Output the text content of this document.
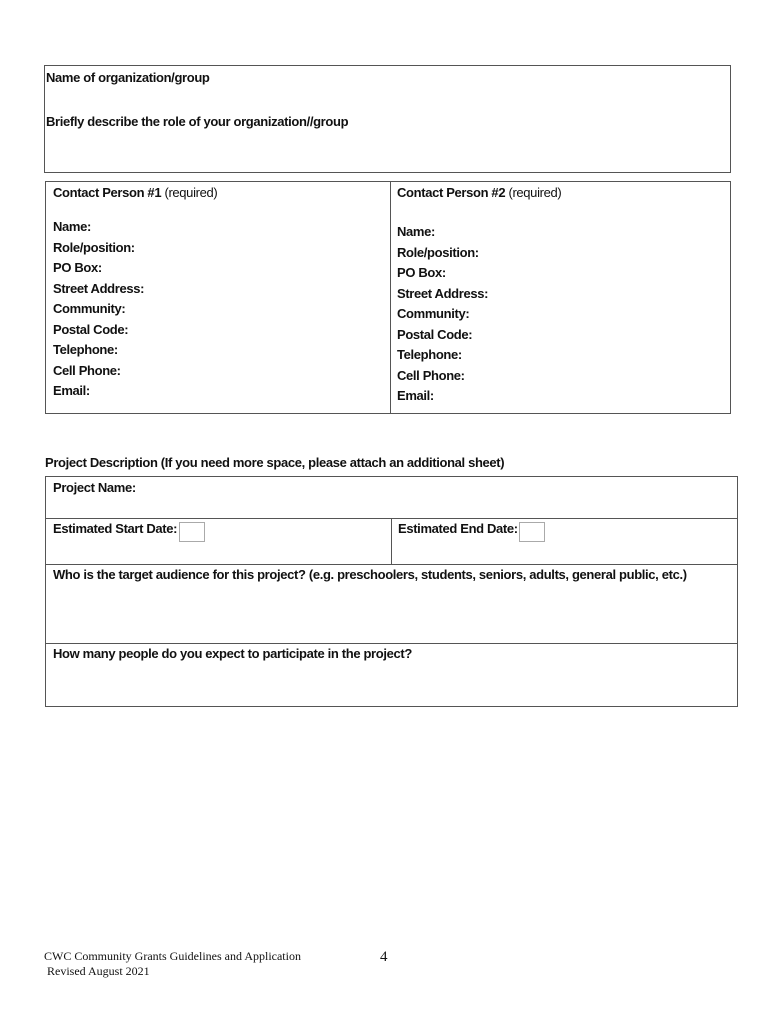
Name of organization/group
Briefly describe the role of your organization//group
Contact Person #1 (required)
Name:
Role/position:
PO Box:
Street Address:
Community:
Postal Code:
Telephone:
Cell Phone:
Email:
Contact Person #2 (required)
Name:
Role/position:
PO Box:
Street Address:
Community:
Postal Code:
Telephone:
Cell Phone:
Email:
Project Description (If you need more space, please attach an additional sheet)
Project Name:
Estimated Start Date:	Estimated End Date:
Who is the target audience for this project? (e.g. preschoolers, students, seniors, adults, general public, etc.)
How many people do you expect to participate in the project?
CWC Community Grants Guidelines and Application
Revised August 2021
4
